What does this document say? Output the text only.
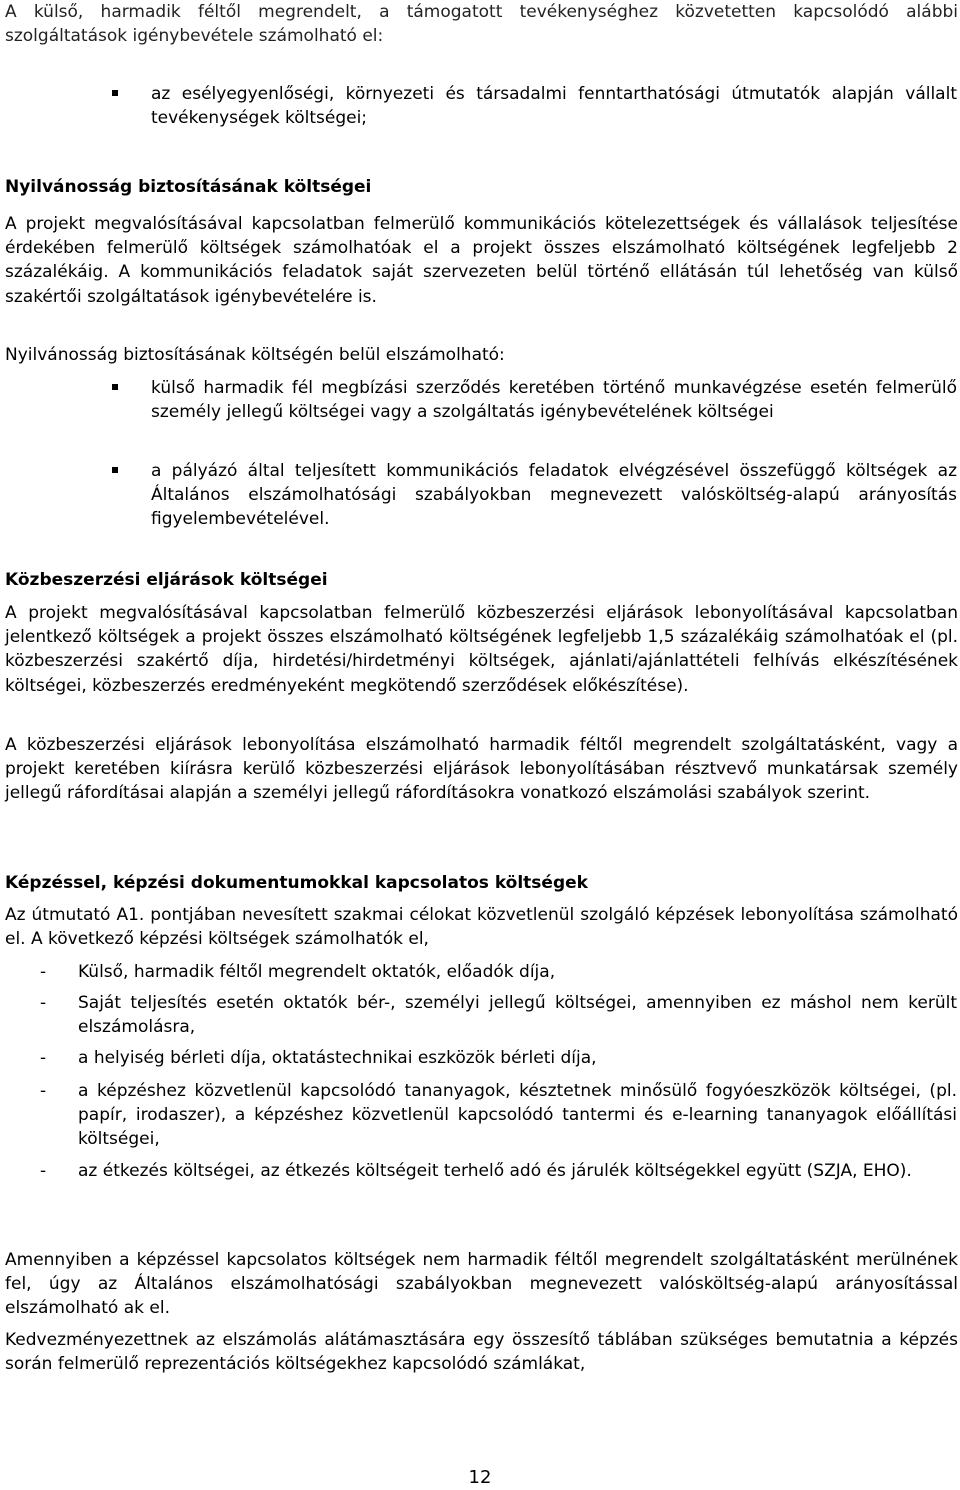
A külső, harmadik féltől megrendelt, a támogatott tevékenységhez közvetetten kapcsolódó alábbi szolgáltatások igénybevétele számolható el:

az esélyegyenlőségi, környezeti és társadalmi fenntarthatósági útmutatók alapján vállalt tevékenységek költségei;

Nyilvánosság biztosításának költségei

A projekt megvalósításával kapcsolatban felmerülő kommunikációs kötelezettségek és vállalások teljesítése érdekében felmerülő költségek számolhatóak el a projekt összes elszámolható költségének legfeljebb 2 százalékáig. A kommunikációs feladatok saját szervezeten belül történő ellátásán túl lehetőség van külső szakértői szolgáltatások igénybevételére is.

Nyilvánosság biztosításának költségén belül elszámolható:

külső harmadik fél megbízási szerződés keretében történő munkavégzése esetén felmerülő személy jellegű költségei vagy a szolgáltatás igénybevételének költségei

a pályázó által teljesített kommunikációs feladatok elvégzésével összefüggő költségek az Általános elszámolhatósági szabályokban megnevezett valósköltség-alapú arányosítás figyelembevételével.

Közbeszerzési eljárások költségei

A projekt megvalósításával kapcsolatban felmerülő közbeszerzési eljárások lebonyolításával kapcsolatban jelentkező költségek a projekt összes elszámolható költségének legfeljebb 1,5 százalékáig számolhatóak el (pl. közbeszerzési szakértő díja, hirdetési/hirdetményi költségek, ajánlati/ajánlattételi felhívás elkészítésének költségei, közbeszerzés eredményeként megkötendő szerződések előkészítése).

A közbeszerzési eljárások lebonyolítása elszámolható harmadik féltől megrendelt szolgáltatásként, vagy a projekt keretében kiírásra kerülő közbeszerzési eljárások lebonyolításában résztvevő munkatársak személy jellegű ráfordításai alapján a személyi jellegű ráfordításokra vonatkozó elszámolási szabályok szerint.

Képzéssel, képzési dokumentumokkal kapcsolatos költségek

Az útmutató A1. pontjában nevesített szakmai célokat közvetlenül szolgáló képzések lebonyolítása számolható el. A következő képzési költségek számolhatók el,

-	Külső, harmadik féltől megrendelt oktatók, előadók díja,

-	Saját teljesítés esetén oktatók bér-, személyi jellegű költségei, amennyiben ez máshol nem került elszámolásra,

-	a helyiség bérleti díja, oktatástechnikai eszközök bérleti díja,

-	a képzéshez közvetlenül kapcsolódó tananyagok, késztetnek minősülő fogyóeszközök költségei, (pl. papír, irodaszer), a képzéshez közvetlenül kapcsolódó tantermi és e-learning tananyagok előállítási költségei,

-	az étkezés költségei, az étkezés költségeit terhelő adó és járulék költségekkel együtt (SZJA, EHO).

Amennyiben a képzéssel kapcsolatos költségek nem harmadik féltől megrendelt szolgáltatásként merülnének fel, úgy az Általános elszámolhatósági szabályokban megnevezett valósköltség-alapú arányosítással elszámolható ak el.

Kedvezményezettnek az elszámolás alátámasztására egy összesítő táblában szükséges bemutatnia a képzés során felmerülő reprezentációs költségekhez kapcsolódó számlákat,

12
